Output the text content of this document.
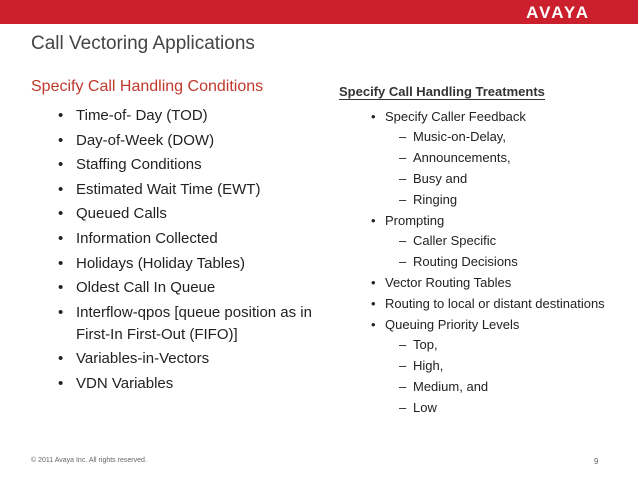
AVAYA
Call Vectoring Applications
Specify Call Handling Conditions
• Time-of- Day (TOD)
• Day-of-Week (DOW)
• Staffing Conditions
• Estimated Wait Time (EWT)
• Queued Calls
• Information Collected
• Holidays (Holiday Tables)
• Oldest Call In Queue
• Interflow-qpos [queue position as in First-In First-Out (FIFO)]
• Variables-in-Vectors
• VDN Variables
Specify Call Handling Treatments
• Specify Caller Feedback
– Music-on-Delay,
– Announcements,
– Busy and
– Ringing
• Prompting
– Caller Specific
– Routing Decisions
• Vector Routing Tables
• Routing to local or distant destinations
• Queuing Priority Levels
– Top,
– High,
– Medium, and
– Low
© 2011 Avaya Inc. All rights reserved.	9
